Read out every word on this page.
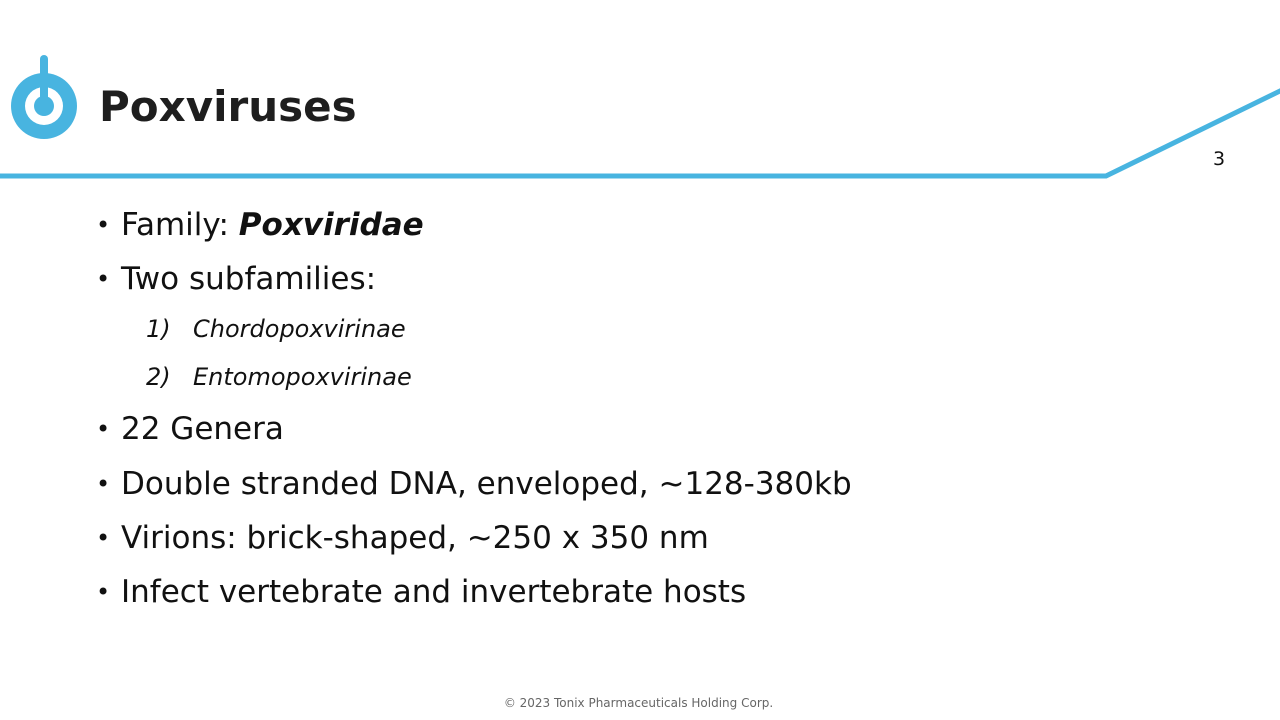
Poxviruses
3
• Family: Poxviridae
• Two subfamilies:
1) Chordopoxvirinae
2) Entomopoxvirinae
• 22 Genera
• Double stranded DNA, enveloped, ~128-380kb
• Virions: brick-shaped, ~250 x 350 nm
• Infect vertebrate and invertebrate hosts
© 2023 Tonix Pharmaceuticals Holding Corp.
